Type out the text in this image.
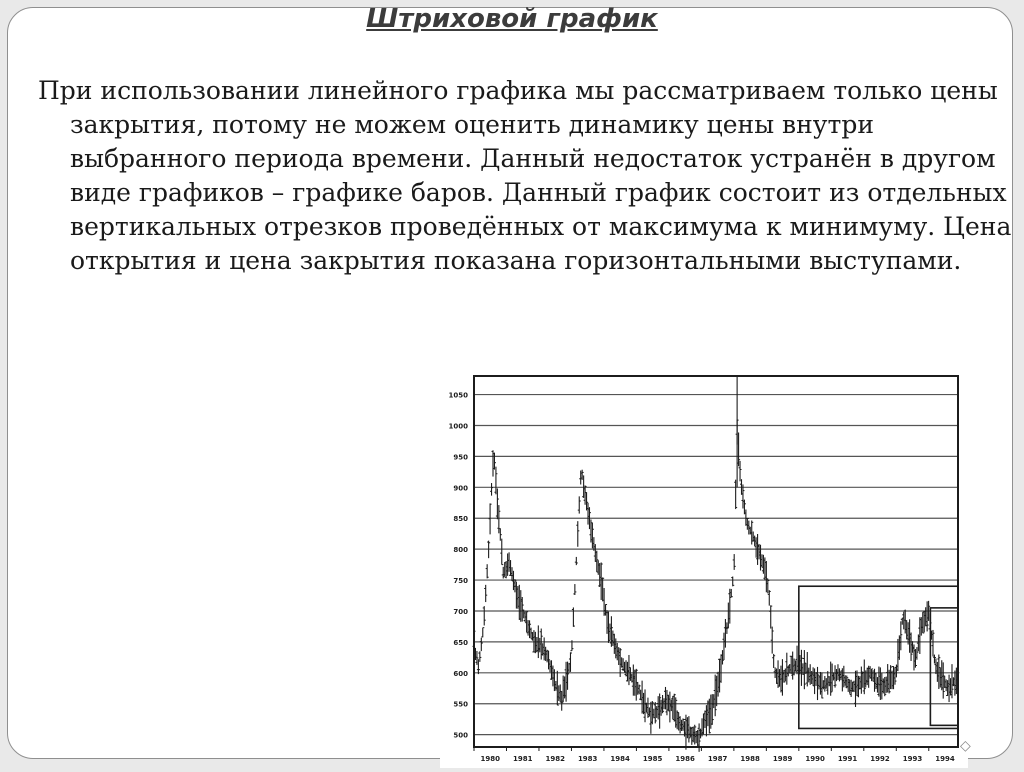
Штриховой график

При использовании линейного графика мы рассматриваем только цены закрытия, потому не можем оценить динамику цены внутри выбранного периода времени. Данный недостаток устранён в другом виде графиков – графике баров. Данный график состоит из отдельных вертикальных отрезков проведённых от максимума к минимуму. Цена открытия и цена закрытия показана горизонтальными выступами.

500
550
600
650
700
750
800
850
900
950
1000
1050
1980 1981 1982 1983 1984 1985 1986 1987 1988 1989 1990 1991 1992 1993 1994
◇
